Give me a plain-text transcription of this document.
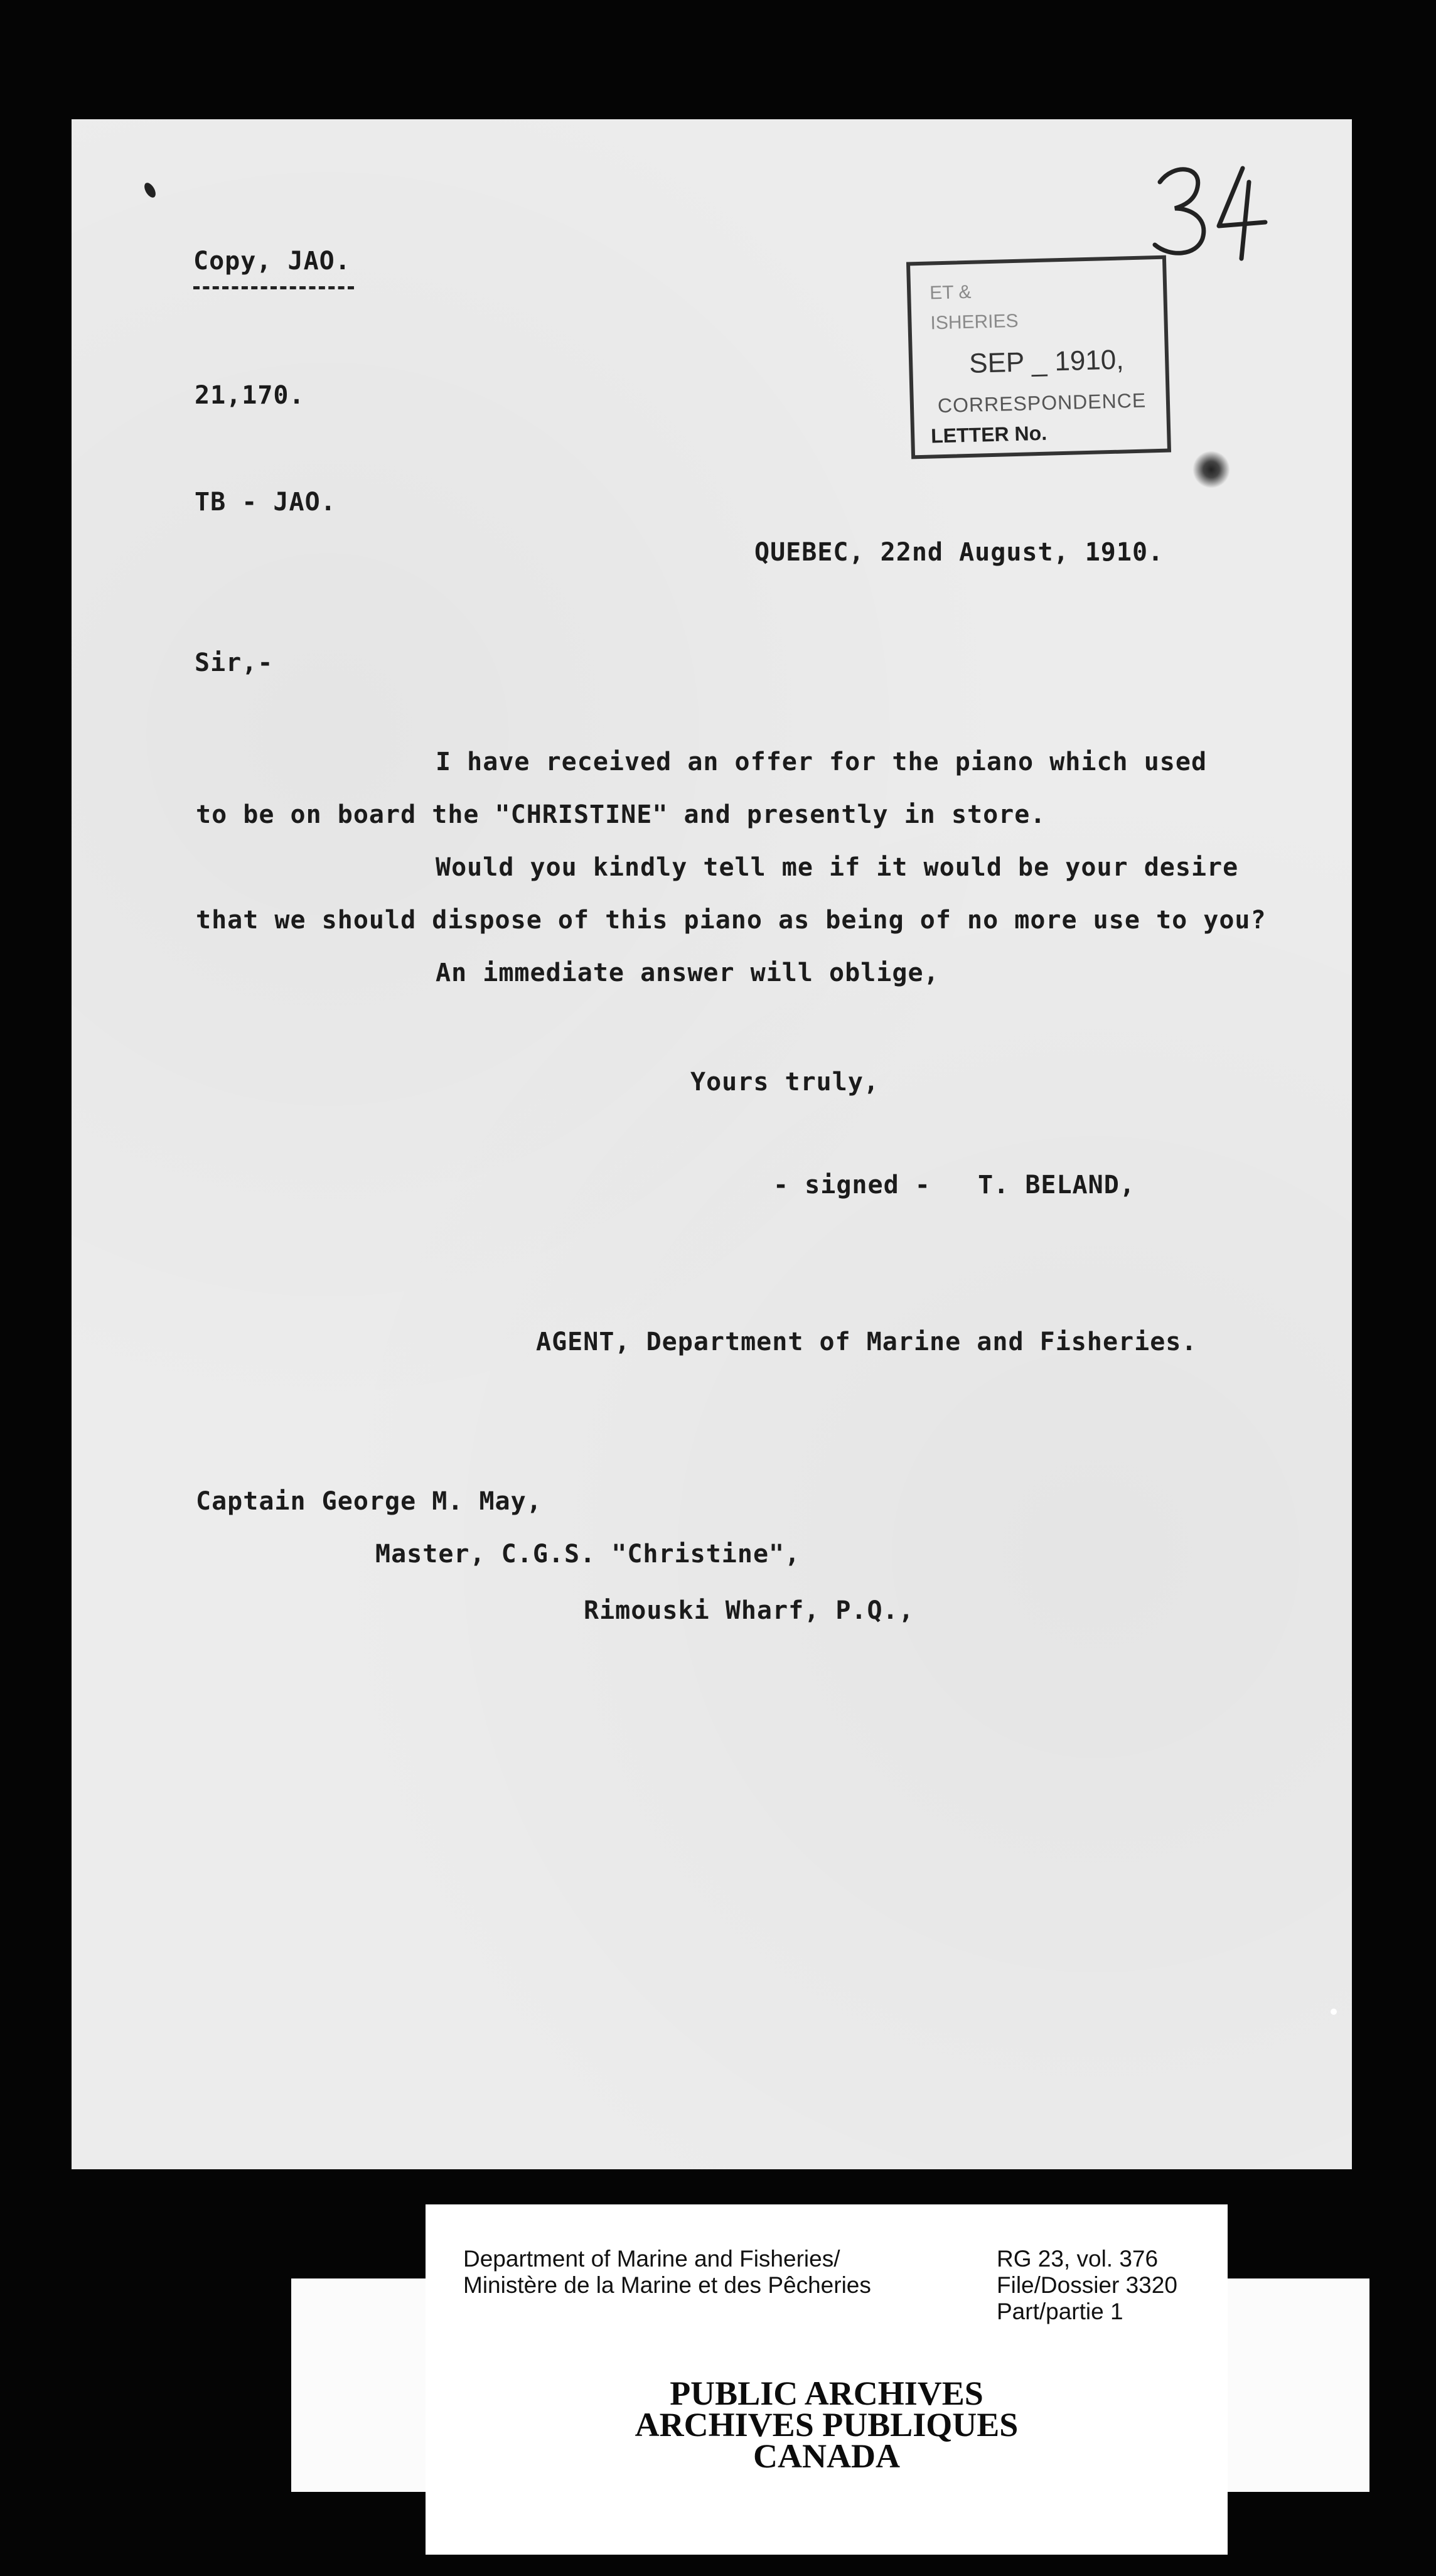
Copy, JAO.
21,170.
TB - JAO.
QUEBEC, 22nd August, 1910.
Sir,-
I have received an offer for the piano which used
to be on board the "CHRISTINE" and presently in store.
Would you kindly tell me if it would be your desire
that we should dispose of this piano as being of no more use to you?
An immediate answer will oblige,
Yours truly,
- signed -   T. BELAND,
AGENT, Department of Marine and Fisheries.
Captain George M. May,
Master, C.G.S. "Christine",
Rimouski Wharf, P.Q.,
ET &
ISHERIES
SEP _ 1910,
CORRESPONDENCE
LETTER No.
Department of Marine and Fisheries/
Ministère de la Marine et des Pêcheries
RG 23, vol. 376
File/Dossier 3320
Part/partie 1
PUBLIC ARCHIVES
ARCHIVES PUBLIQUES
CANADA
